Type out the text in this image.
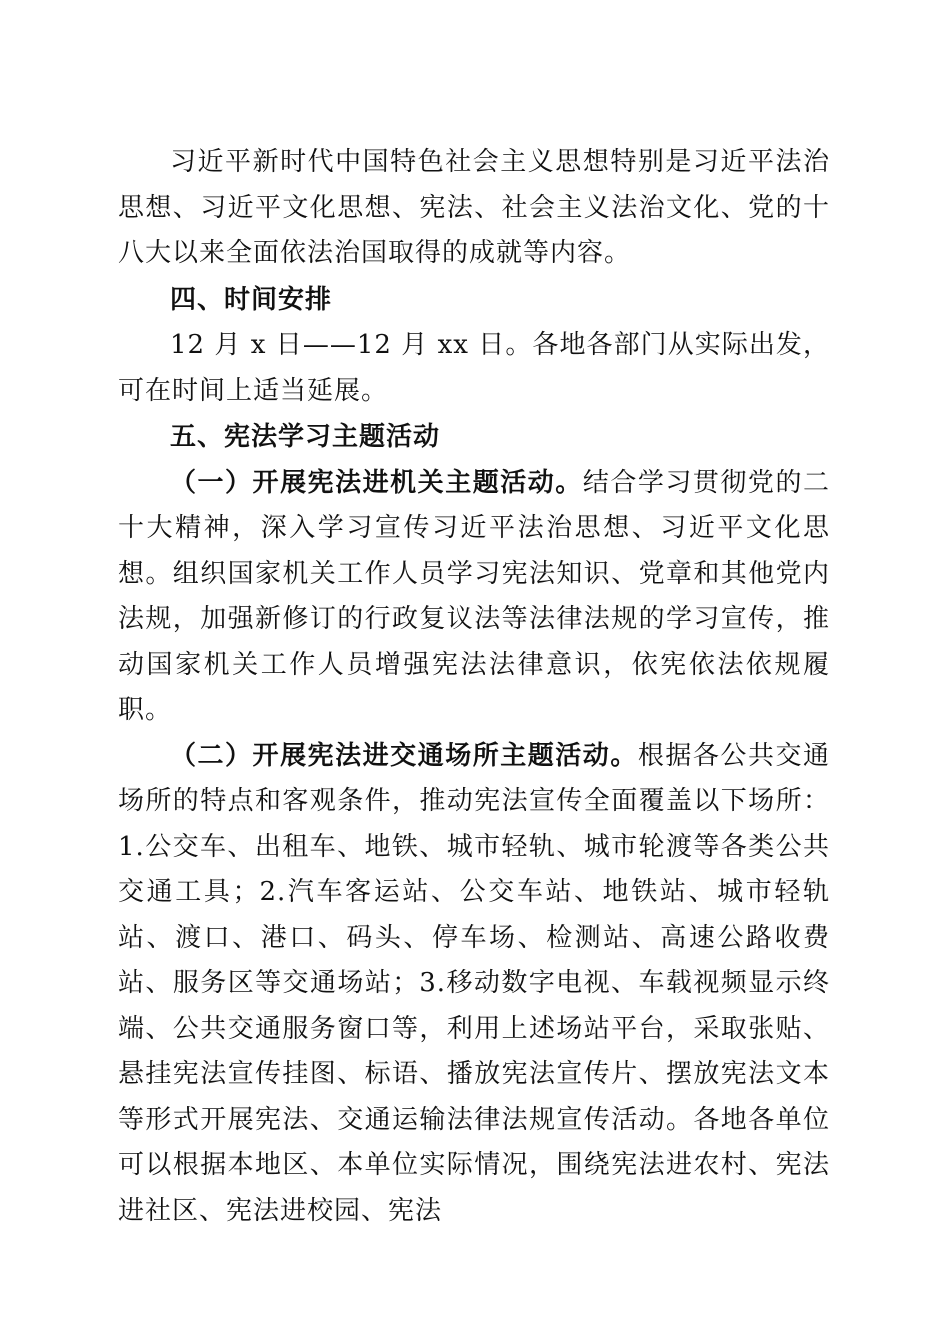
习近平新时代中国特色社会主义思想特别是习近平法治思想、习近平文化思想、宪法、社会主义法治文化、党的十八大以来全面依法治国取得的成就等内容。

四、时间安排

12 月 x 日——12 月 xx 日。各地各部门从实际出发，可在时间上适当延展。

五、宪法学习主题活动

（一）开展宪法进机关主题活动。结合学习贯彻党的二十大精神，深入学习宣传习近平法治思想、习近平文化思想。组织国家机关工作人员学习宪法知识、党章和其他党内法规，加强新修订的行政复议法等法律法规的学习宣传，推动国家机关工作人员增强宪法法律意识，依宪依法依规履职。

（二）开展宪法进交通场所主题活动。根据各公共交通场所的特点和客观条件，推动宪法宣传全面覆盖以下场所：1.公交车、出租车、地铁、城市轻轨、城市轮渡等各类公共交通工具；2.汽车客运站、公交车站、地铁站、城市轻轨站、渡口、港口、码头、停车场、检测站、高速公路收费站、服务区等交通场站；3.移动数字电视、车载视频显示终端、公共交通服务窗口等，利用上述场站平台，采取张贴、悬挂宪法宣传挂图、标语、播放宪法宣传片、摆放宪法文本等形式开展宪法、交通运输法律法规宣传活动。各地各单位可以根据本地区、本单位实际情况，围绕宪法进农村、宪法进社区、宪法进校园、宪法
